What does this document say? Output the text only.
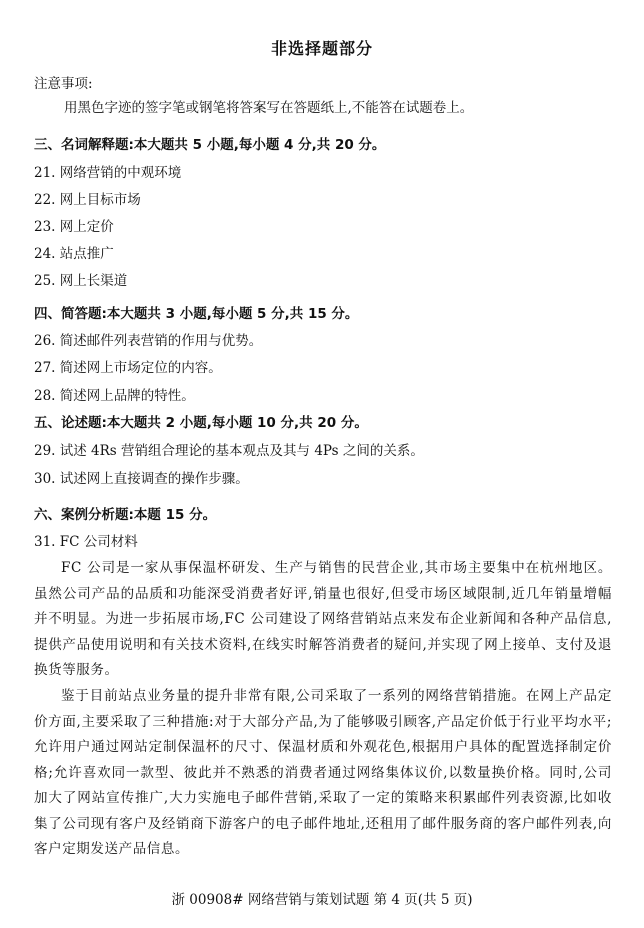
非选择题部分
注意事项:
用黑色字迹的签字笔或钢笔将答案写在答题纸上,不能答在试题卷上。
三、名词解释题:本大题共 5 小题,每小题 4 分,共 20 分。
21. 网络营销的中观环境
22. 网上目标市场
23. 网上定价
24. 站点推广
25. 网上长渠道
四、简答题:本大题共 3 小题,每小题 5 分,共 15 分。
26. 简述邮件列表营销的作用与优势。
27. 简述网上市场定位的内容。
28. 简述网上品牌的特性。
五、论述题:本大题共 2 小题,每小题 10 分,共 20 分。
29. 试述 4Rs 营销组合理论的基本观点及其与 4Ps 之间的关系。
30. 试述网上直接调查的操作步骤。
六、案例分析题:本题 15 分。
31. FC 公司材料
FC 公司是一家从事保温杯研发、生产与销售的民营企业,其市场主要集中在杭州地区。虽然公司产品的品质和功能深受消费者好评,销量也很好,但受市场区域限制,近几年销量增幅并不明显。为进一步拓展市场,FC 公司建设了网络营销站点来发布企业新闻和各种产品信息,提供产品使用说明和有关技术资料,在线实时解答消费者的疑问,并实现了网上接单、支付及退换货等服务。
鉴于目前站点业务量的提升非常有限,公司采取了一系列的网络营销措施。在网上产品定价方面,主要采取了三种措施:对于大部分产品,为了能够吸引顾客,产品定价低于行业平均水平;允许用户通过网站定制保温杯的尺寸、保温材质和外观花色,根据用户具体的配置选择制定价格;允许喜欢同一款型、彼此并不熟悉的消费者通过网络集体议价,以数量换价格。同时,公司加大了网站宣传推广,大力实施电子邮件营销,采取了一定的策略来积累邮件列表资源,比如收集了公司现有客户及经销商下游客户的电子邮件地址,还租用了邮件服务商的客户邮件列表,向客户定期发送产品信息。
浙 00908# 网络营销与策划试题 第 4 页(共 5 页)
